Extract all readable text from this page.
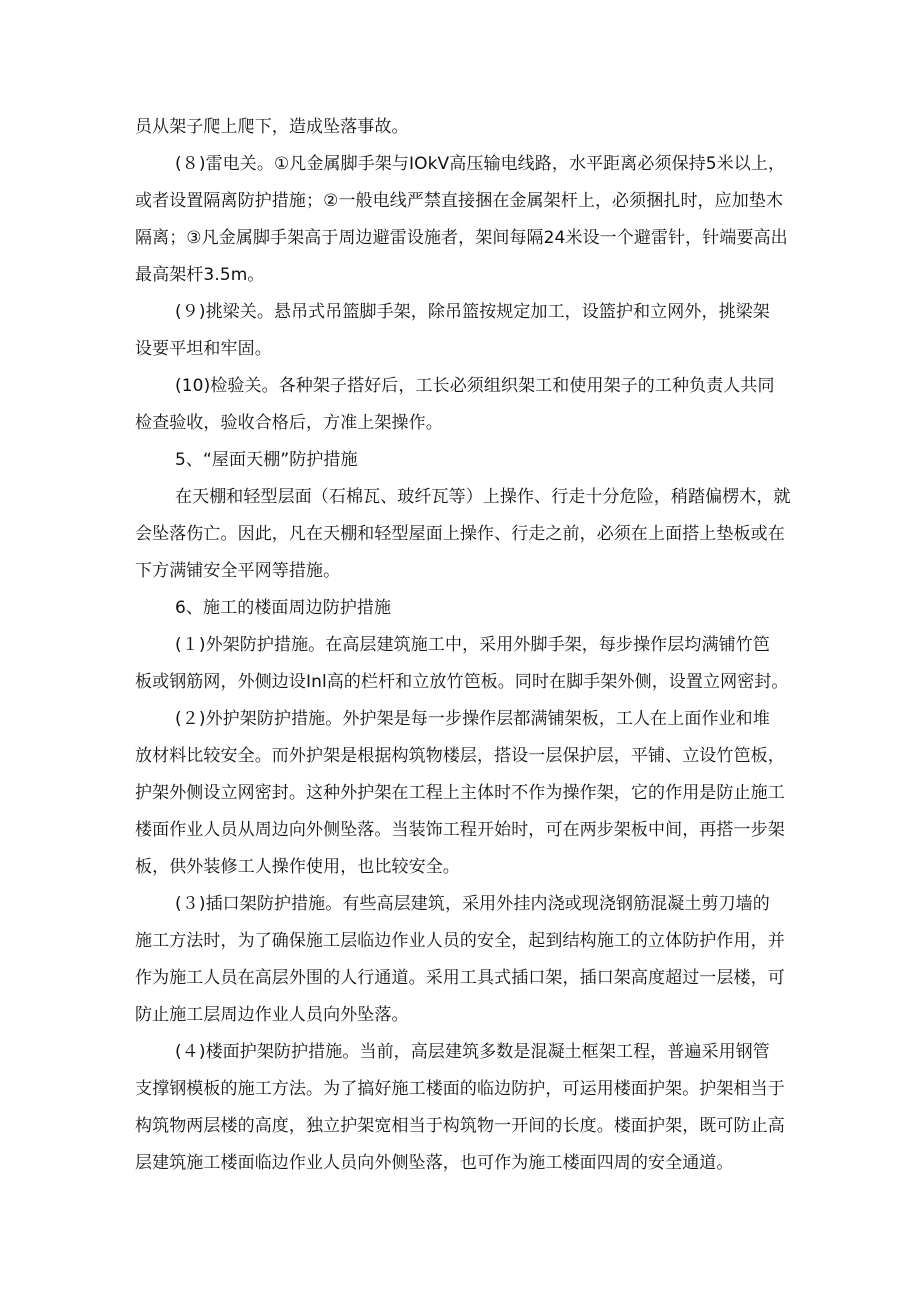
员从架子爬上爬下，造成坠落事故。
(８)雷电关。①凡金属脚手架与IOkV高压输电线路，水平距离必须保持5米以上，
或者设置隔离防护措施；②一般电线严禁直接捆在金属架杆上，必须捆扎时，应加垫木
隔离；③凡金属脚手架高于周边避雷设施者，架间每隔24米设一个避雷针，针端要高出
最高架杆3.5m。
(９)挑梁关。悬吊式吊篮脚手架，除吊篮按规定加工，设篮护和立网外，挑梁架
设要平坦和牢固。
(10)检验关。各种架子搭好后，工长必须组织架工和使用架子的工种负责人共同
检查验收，验收合格后，方准上架操作。
5、“屋面天棚”防护措施
在天棚和轻型层面（石棉瓦、玻纤瓦等）上操作、行走十分危险，稍踏偏楞木，就
会坠落伤亡。因此，凡在天棚和轻型屋面上操作、行走之前，必须在上面搭上垫板或在
下方满铺安全平网等措施。
6、施工的楼面周边防护措施
(１)外架防护措施。在高层建筑施工中，采用外脚手架，每步操作层均满铺竹笆
板或钢筋网，外侧边设Inl高的栏杆和立放竹笆板。同时在脚手架外侧，设置立网密封。
(２)外护架防护措施。外护架是每一步操作层都满铺架板，工人在上面作业和堆
放材料比较安全。而外护架是根据构筑物楼层，搭设一层保护层，平铺、立设竹笆板，
护架外侧设立网密封。这种外护架在工程上主体时不作为操作架，它的作用是防止施工
楼面作业人员从周边向外侧坠落。当装饰工程开始时，可在两步架板中间，再搭一步架
板，供外装修工人操作使用，也比较安全。
(３)插口架防护措施。有些高层建筑，采用外挂内浇或现浇钢筋混凝土剪刀墙的
施工方法时，为了确保施工层临边作业人员的安全，起到结构施工的立体防护作用，并
作为施工人员在高层外围的人行通道。采用工具式插口架，插口架高度超过一层楼，可
防止施工层周边作业人员向外坠落。
(４)楼面护架防护措施。当前，高层建筑多数是混凝土框架工程，普遍采用钢管
支撑钢模板的施工方法。为了搞好施工楼面的临边防护，可运用楼面护架。护架相当于
构筑物两层楼的高度，独立护架宽相当于构筑物一开间的长度。楼面护架，既可防止高
层建筑施工楼面临边作业人员向外侧坠落，也可作为施工楼面四周的安全通道。
